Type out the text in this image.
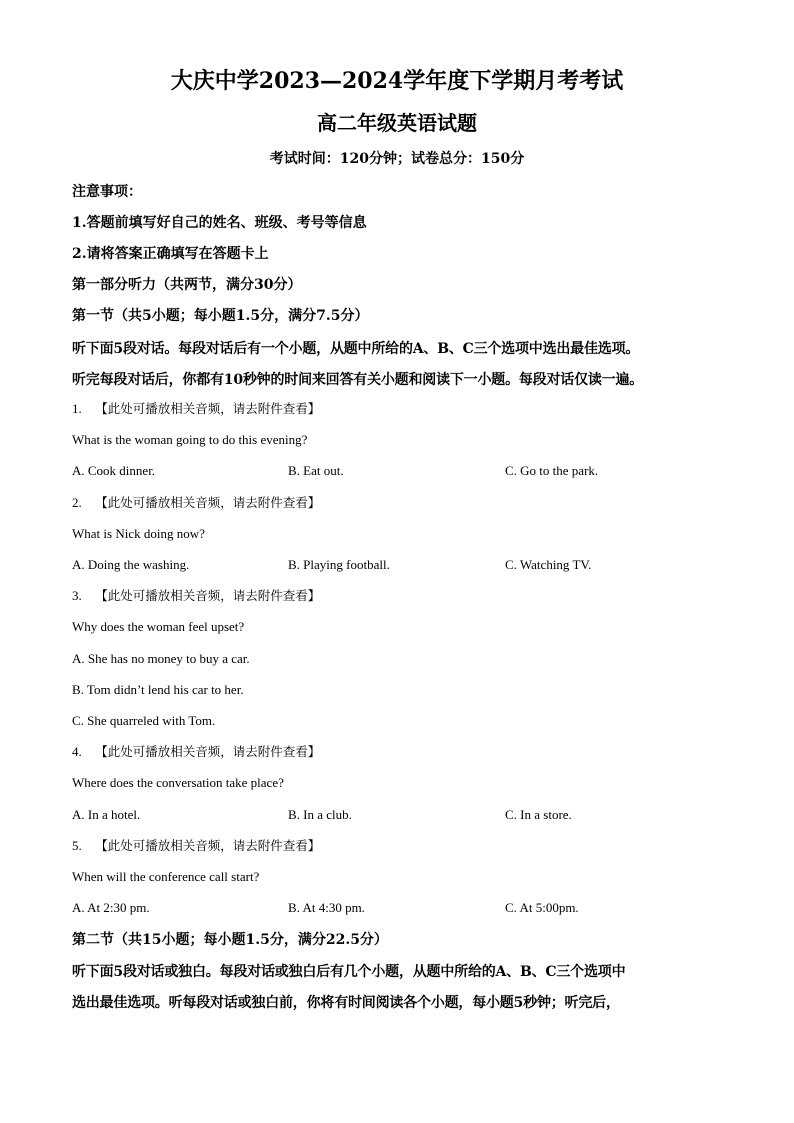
大庆中学2023—2024学年度下学期月考考试
高二年级英语试题
考试时间：120分钟；试卷总分：150分
注意事项：
1.答题前填写好自己的姓名、班级、考号等信息
2.请将答案正确填写在答题卡上
第一部分听力（共两节，满分30分）
第一节（共5小题；每小题1.5分，满分7.5分）
听下面5段对话。每段对话后有一个小题，从题中所给的A、B、C三个选项中选出最佳选项。
听完每段对话后，你都有10秒钟的时间来回答有关小题和阅读下一小题。每段对话仅读一遍。
1. 【此处可播放相关音频，请去附件查看】
What is the woman going to do this evening?
A. Cook dinner.	B. Eat out.	C. Go to the park.
2. 【此处可播放相关音频，请去附件查看】
What is Nick doing now?
A. Doing the washing.	B. Playing football.	C. Watching TV.
3. 【此处可播放相关音频，请去附件查看】
Why does the woman feel upset?
A. She has no money to buy a car.
B. Tom didn’t lend his car to her.
C. She quarreled with Tom.
4. 【此处可播放相关音频，请去附件查看】
Where does the conversation take place?
A. In a hotel.	B. In a club.	C. In a store.
5. 【此处可播放相关音频，请去附件查看】
When will the conference call start?
A. At 2:30 pm.	B. At 4:30 pm.	C. At 5:00pm.
第二节（共15小题；每小题1.5分，满分22.5分）
听下面5段对话或独白。每段对话或独白后有几个小题，从题中所给的A、B、C三个选项中
选出最佳选项。听每段对话或独白前，你将有时间阅读各个小题，每小题5秒钟；听完后，
